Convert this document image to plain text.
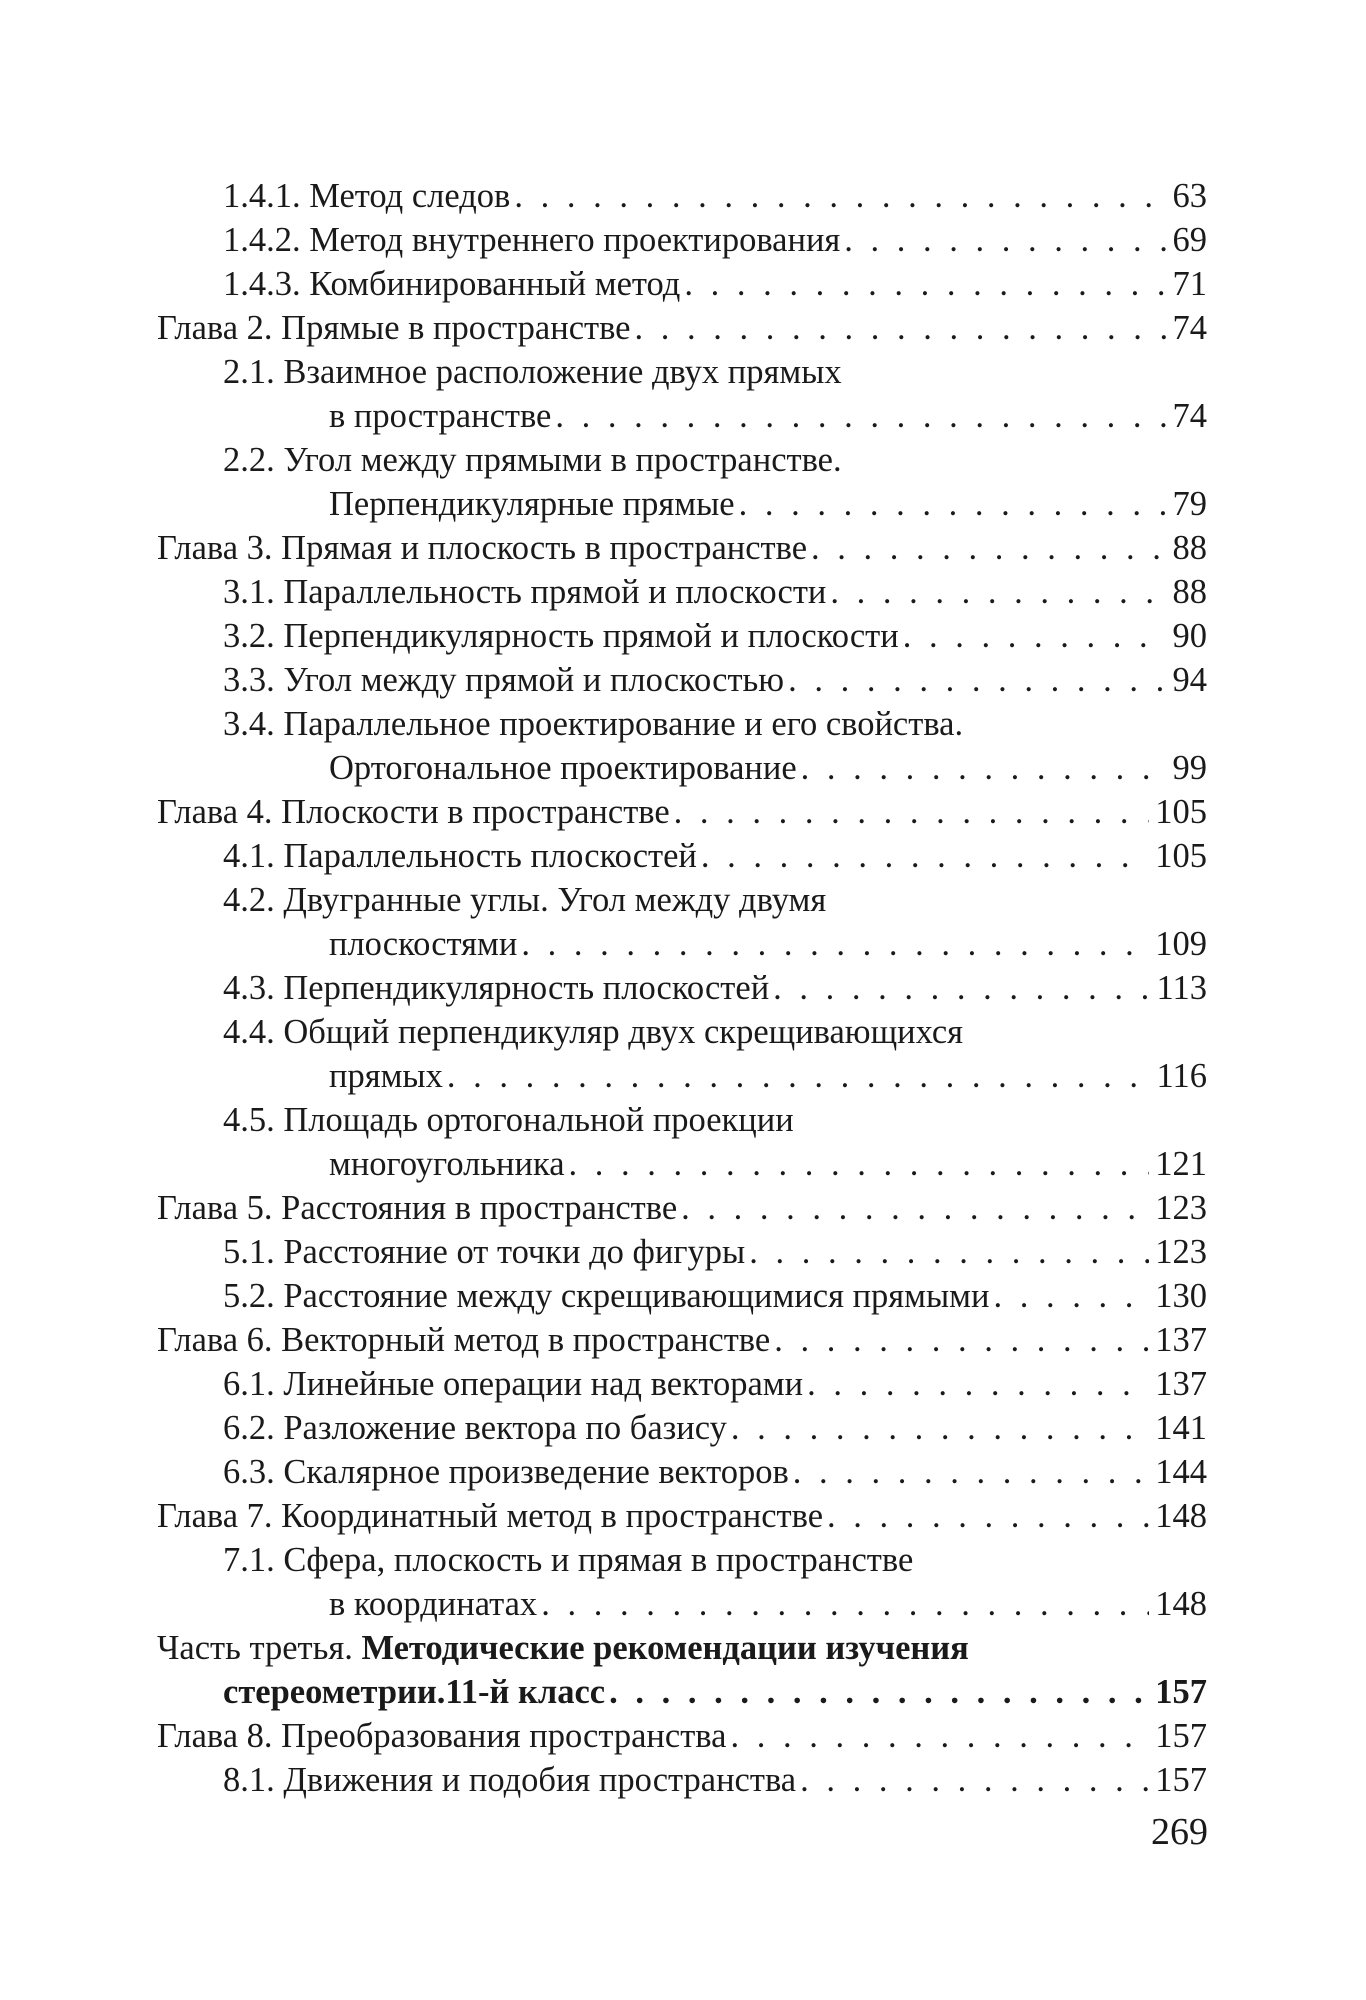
1.4.1. Метод следов . . .	63
1.4.2. Метод внутреннего проектирования . . .	69
1.4.3. Комбинированный метод . . .	71
Глава 2. Прямые в пространстве . . .	74
2.1. Взаимное расположение двух прямых
в пространстве . . .	74
2.2. Угол между прямыми в пространстве.
Перпендикулярные прямые . . .	79
Глава 3. Прямая и плоскость в пространстве . . .	88
3.1. Параллельность прямой и плоскости . . .	88
3.2. Перпендикулярность прямой и плоскости . . .	90
3.3. Угол между прямой и плоскостью . . .	94
3.4. Параллельное проектирование и его свойства.
Ортогональное проектирование . . .	99
Глава 4. Плоскости в пространстве . . .	105
4.1. Параллельность плоскостей . . .	105
4.2. Двугранные углы. Угол между двумя
плоскостями . . .	109
4.3. Перпендикулярность плоскостей . . .	113
4.4. Общий перпендикуляр двух скрещивающихся
прямых . . .	116
4.5. Площадь ортогональной проекции
многоугольника . . .	121
Глава 5. Расстояния в пространстве . . .	123
5.1. Расстояние от точки до фигуры . . .	123
5.2. Расстояние между скрещивающимися прямыми . . .	130
Глава 6. Векторный метод в пространстве . . .	137
6.1. Линейные операции над векторами . . .	137
6.2. Разложение вектора по базису . . .	141
6.3. Скалярное произведение векторов . . .	144
Глава 7. Координатный метод в пространстве . . .	148
7.1. Сфера, плоскость и прямая в пространстве
в координатах . . .	148
Часть третья. Методические рекомендации изучения
стереометрии.11-й класс . . .	157
Глава 8. Преобразования пространства . . .	157
8.1. Движения и подобия пространства . . .	157
269
